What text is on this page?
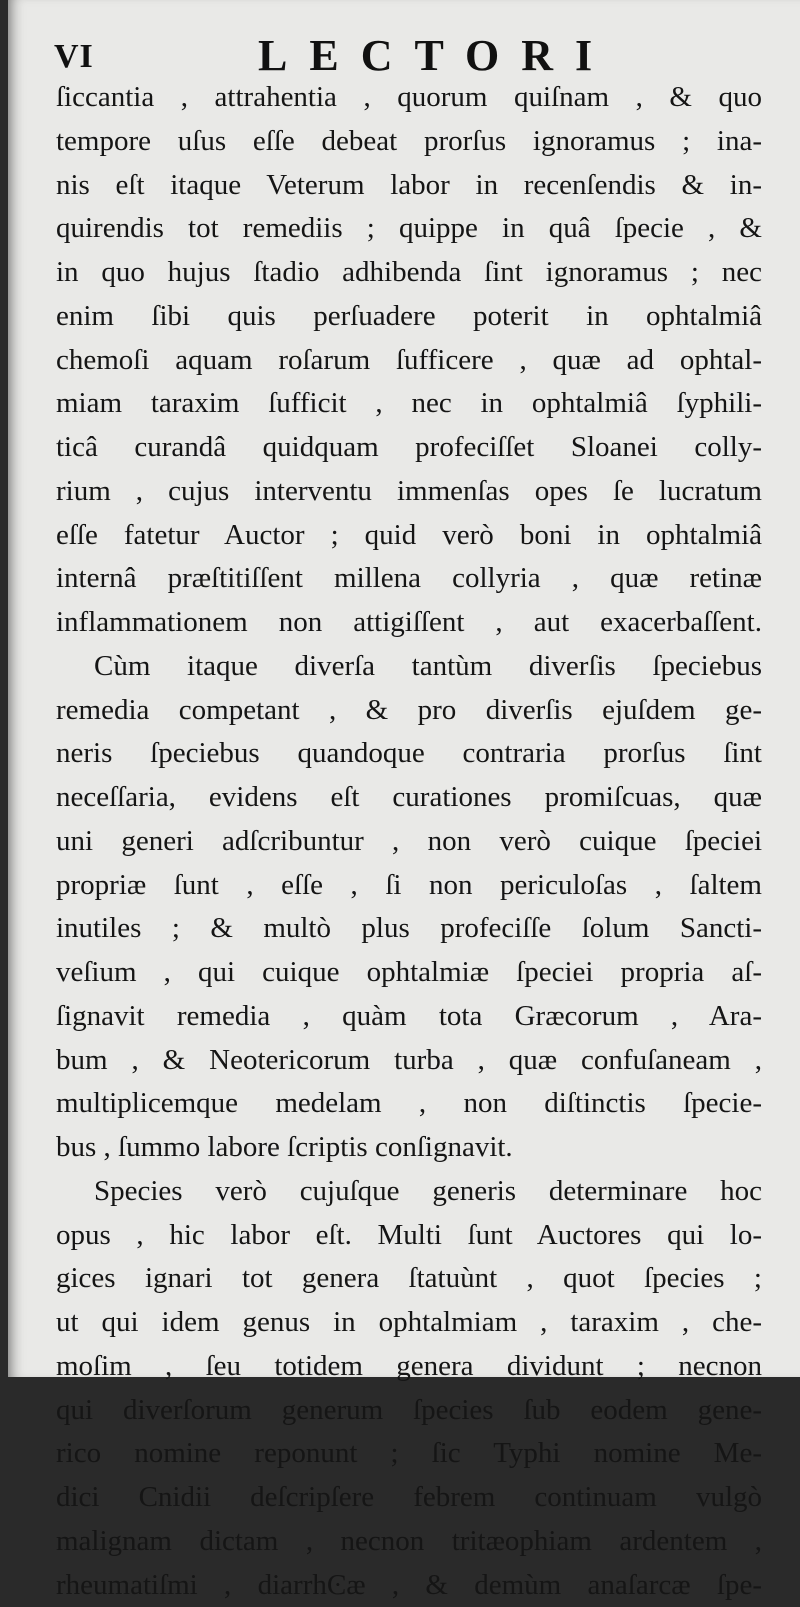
VI	LECTORI
ſiccantia , attrahentia , quorum quiſnam , & quo
tempore uſus eſſe debeat prorſus ignoramus ; ina-
nis eſt itaque Veterum labor in recenſendis & in-
quirendis tot remediis ; quippe in quâ ſpecie , &
in quo hujus ſtadio adhibenda ſint ignoramus ; nec
enim ſibi quis perſuadere poterit in ophtalmiâ
chemoſi aquam roſarum ſufficere , quæ ad ophtal-
miam taraxim ſufficit , nec in ophtalmiâ ſyphili-
ticâ curandâ quidquam profeciſſet Sloanei colly-
rium , cujus interventu immenſas opes ſe lucratum
eſſe fatetur Auctor ; quid verò boni in ophtalmiâ
internâ præſtitiſſent millena collyria , quæ retinæ
inflammationem non attigiſſent , aut exacerbaſſent.
Cùm itaque diverſa tantùm diverſis ſpeciebus
remedia competant , & pro diverſis ejuſdem ge-
neris ſpeciebus quandoque contraria prorſus ſint
neceſſaria, evidens eſt curationes promiſcuas, quæ
uni generi adſcribuntur , non verò cuique ſpeciei
propriæ ſunt , eſſe , ſi non periculoſas , ſaltem
inutiles ; & multò plus profeciſſe ſolum Sancti-
veſium , qui cuique ophtalmiæ ſpeciei propria aſ-
ſignavit remedia , quàm tota Græcorum , Ara-
bum , & Neotericorum turba , quæ confuſaneam ,
multiplicemque medelam , non diſtinctis ſpecie-
bus , ſummo labore ſcriptis conſignavit.
Species verò cujuſque generis determinare hoc
opus , hic labor eſt. Multi ſunt Auctores qui lo-
gices ignari tot genera ſtatuùnt , quot ſpecies ;
ut qui idem genus in ophtalmiam , taraxim , che-
moſim , ſeu totidem genera dividunt ; necnon
qui diverſorum generum ſpecies ſub eodem gene-
rico nomine reponunt ; ſic Typhi nomine Me-
dici Cnidii deſcripſere febrem continuam vulgò
malignam dictam , necnon tritæophiam ardentem ,
rheumatiſmi , diarrhϾæ , & demùm anaſarcæ ſpe-
